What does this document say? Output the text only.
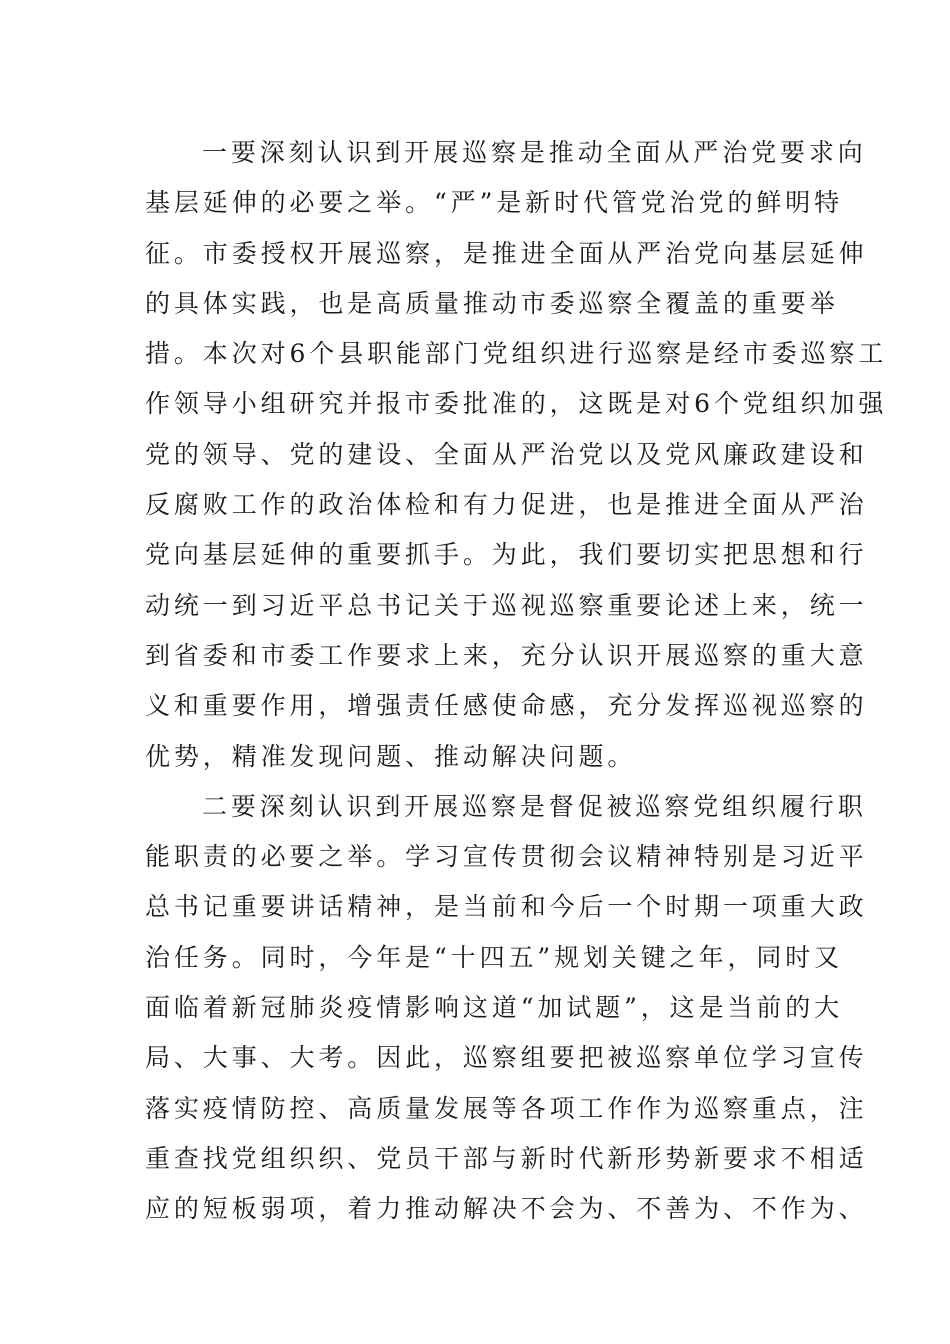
一要深刻认识到开展巡察是推动全面从严治党要求向
基层延伸的必要之举。“严”是新时代管党治党的鲜明特
征。市委授权开展巡察，是推进全面从严治党向基层延伸
的具体实践，也是高质量推动市委巡察全覆盖的重要举
措。本次对6个县职能部门党组织进行巡察是经市委巡察工
作领导小组研究并报市委批准的，这既是对6个党组织加强
党的领导、党的建设、全面从严治党以及党风廉政建设和
反腐败工作的政治体检和有力促进，也是推进全面从严治
党向基层延伸的重要抓手。为此，我们要切实把思想和行
动统一到习近平总书记关于巡视巡察重要论述上来，统一
到省委和市委工作要求上来，充分认识开展巡察的重大意
义和重要作用，增强责任感使命感，充分发挥巡视巡察的
优势，精准发现问题、推动解决问题。
二要深刻认识到开展巡察是督促被巡察党组织履行职
能职责的必要之举。学习宣传贯彻会议精神特别是习近平
总书记重要讲话精神，是当前和今后一个时期一项重大政
治任务。同时，今年是“十四五”规划关键之年，同时又
面临着新冠肺炎疫情影响这道“加试题”，这是当前的大
局、大事、大考。因此，巡察组要把被巡察单位学习宣传
落实疫情防控、高质量发展等各项工作作为巡察重点，注
重查找党组织织、党员干部与新时代新形势新要求不相适
应的短板弱项，着力推动解决不会为、不善为、不作为、
